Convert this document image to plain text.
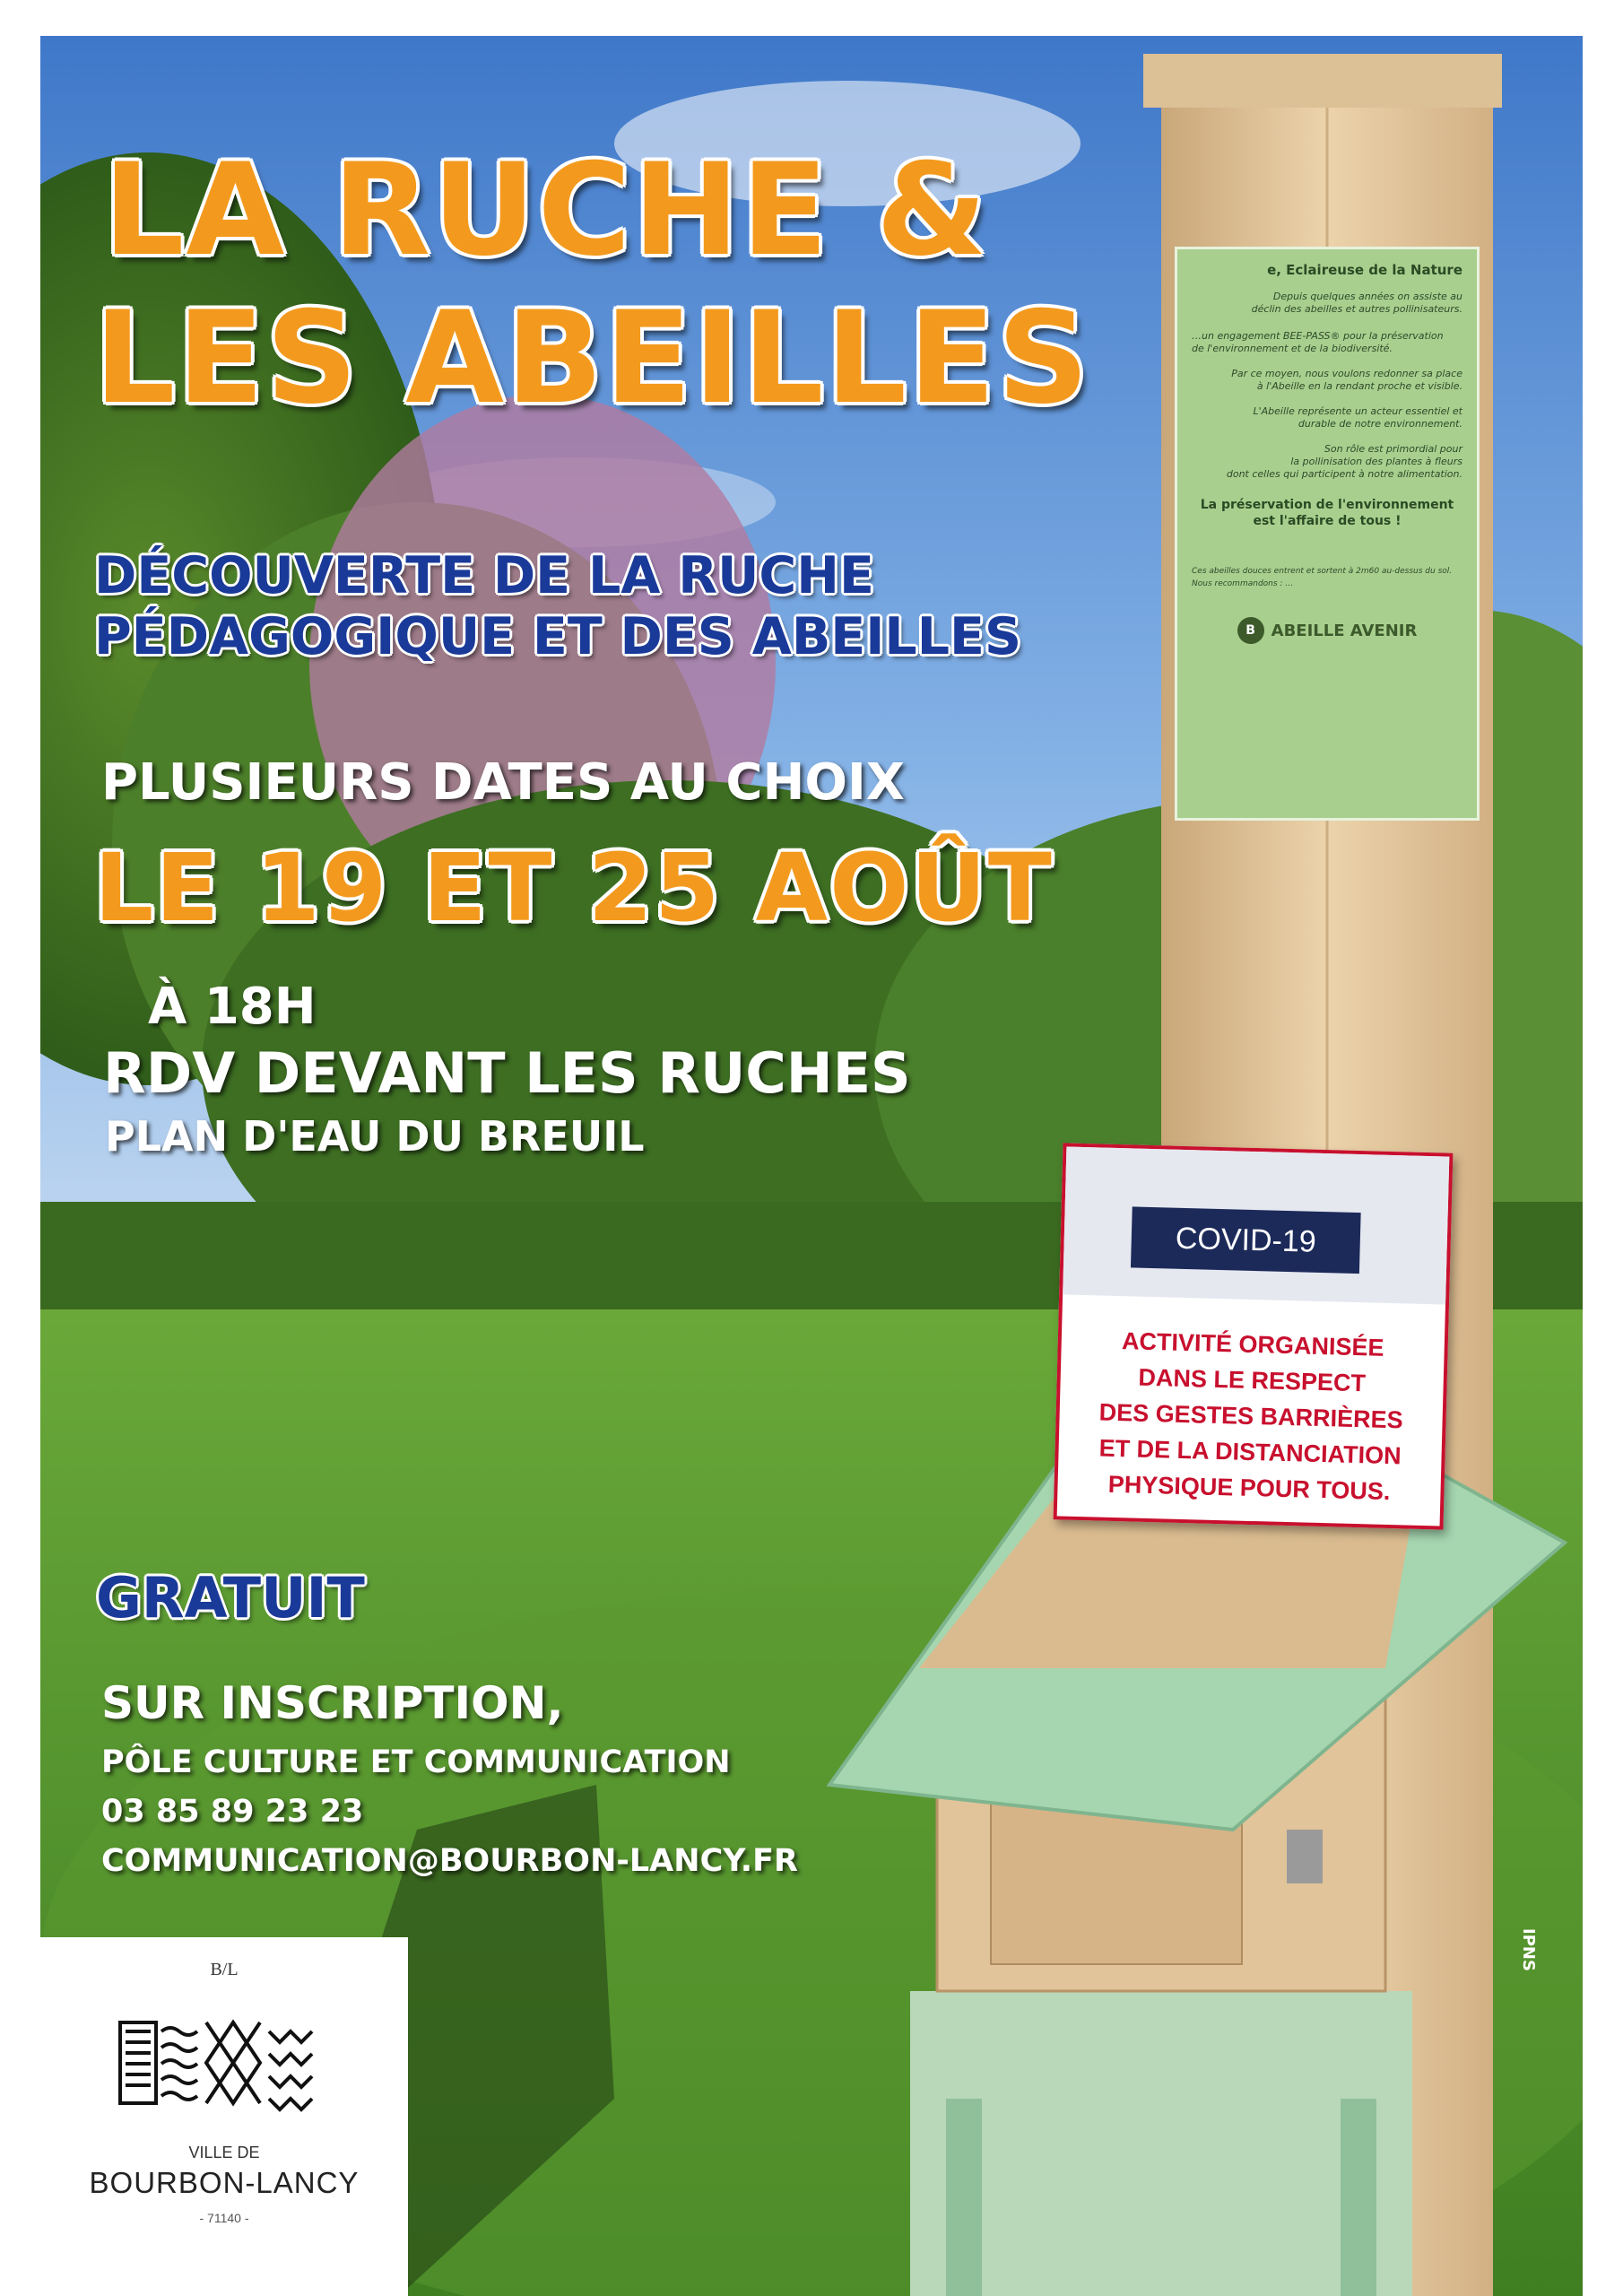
e, Eclaireuse de la Nature
Depuis quelques années on assiste au
déclin des abeilles et autres pollinisateurs.
…un engagement BEE-PASS® pour la préservation
de l'environnement et de la biodiversité.
Par ce moyen, nous voulons redonner sa place
à l'Abeille en la rendant proche et visible.
L'Abeille représente un acteur essentiel et
durable de notre environnement.
Son rôle est primordial pour
la pollinisation des plantes à fleurs
dont celles qui participent à notre alimentation.
La préservation de l'environnement est l'affaire de tous !
Ces abeilles douces entrent et sortent à 2m60 au-dessus du sol.
Nous recommandons : …
B ABEILLE AVENIR
LA RUCHE &
LES ABEILLES
DÉCOUVERTE DE LA RUCHE
PÉDAGOGIQUE ET DES ABEILLES
PLUSIEURS DATES AU CHOIX
LE 19 ET 25 AOÛT
À 18H
RDV DEVANT LES RUCHES
PLAN D'EAU DU BREUIL
GRATUIT
SUR INSCRIPTION,
PÔLE CULTURE ET COMMUNICATION
03 85 89 23 23
COMMUNICATION@BOURBON-LANCY.FR
COVID-19
ACTIVITÉ ORGANISÉE
DANS LE RESPECT
DES GESTES BARRIÈRES
ET DE LA DISTANCIATION
PHYSIQUE POUR TOUS.
IPNS
B/L
VILLE DE
BOURBON-LANCY
- 71140 -
